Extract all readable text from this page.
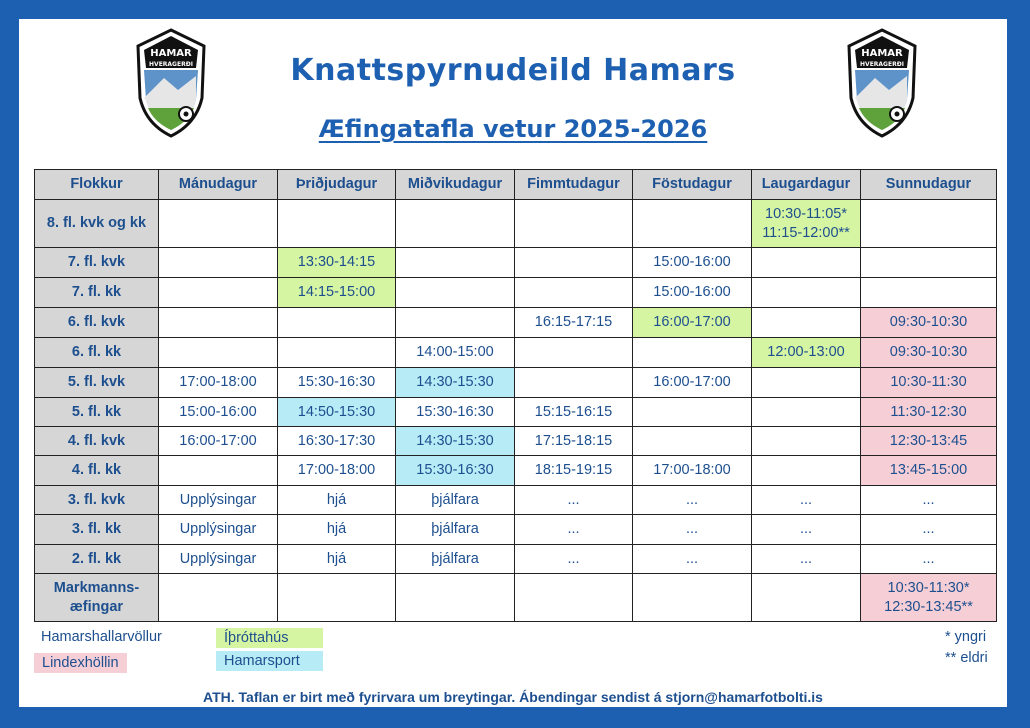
HAMAR
HVERAGERÐI
HAMAR
HVERAGERÐI
Knattspyrnudeild Hamars
Æfingatafla vetur 2025-2026
Flokkur	Mánudagur	Þriðjudagur	Miðvikudagur	Fimmtudagur	Föstudagur	Laugardagur	Sunnudagur
8. fl. kvk og kk						10:30-11:05*
11:15-12:00**	
7. fl. kvk		13:30-14:15			15:00-16:00		
7. fl. kk		14:15-15:00			15:00-16:00		
6. fl. kvk				16:15-17:15	16:00-17:00		09:30-10:30
6. fl. kk			14:00-15:00			12:00-13:00	09:30-10:30
5. fl. kvk	17:00-18:00	15:30-16:30	14:30-15:30		16:00-17:00		10:30-11:30
5. fl. kk	15:00-16:00	14:50-15:30	15:30-16:30	15:15-16:15			11:30-12:30
4. fl. kvk	16:00-17:00	16:30-17:30	14:30-15:30	17:15-18:15			12:30-13:45
4. fl. kk		17:00-18:00	15:30-16:30	18:15-19:15	17:00-18:00		13:45-15:00
3. fl. kvk	Upplýsingar	hjá	þjálfara	...	...	...	...
3. fl. kk	Upplýsingar	hjá	þjálfara	...	...	...	...
2. fl. kk	Upplýsingar	hjá	þjálfara	...	...	...	...
Markmanns-
æfingar							10:30-11:30*
12:30-13:45**
Hamarshallarvöllur
Lindexhöllin
Íþróttahús
Hamarsport
* yngri
** eldri
ATH. Taflan er birt með fyrirvara um breytingar. Ábendingar sendist á stjorn@hamarfotbolti.is
